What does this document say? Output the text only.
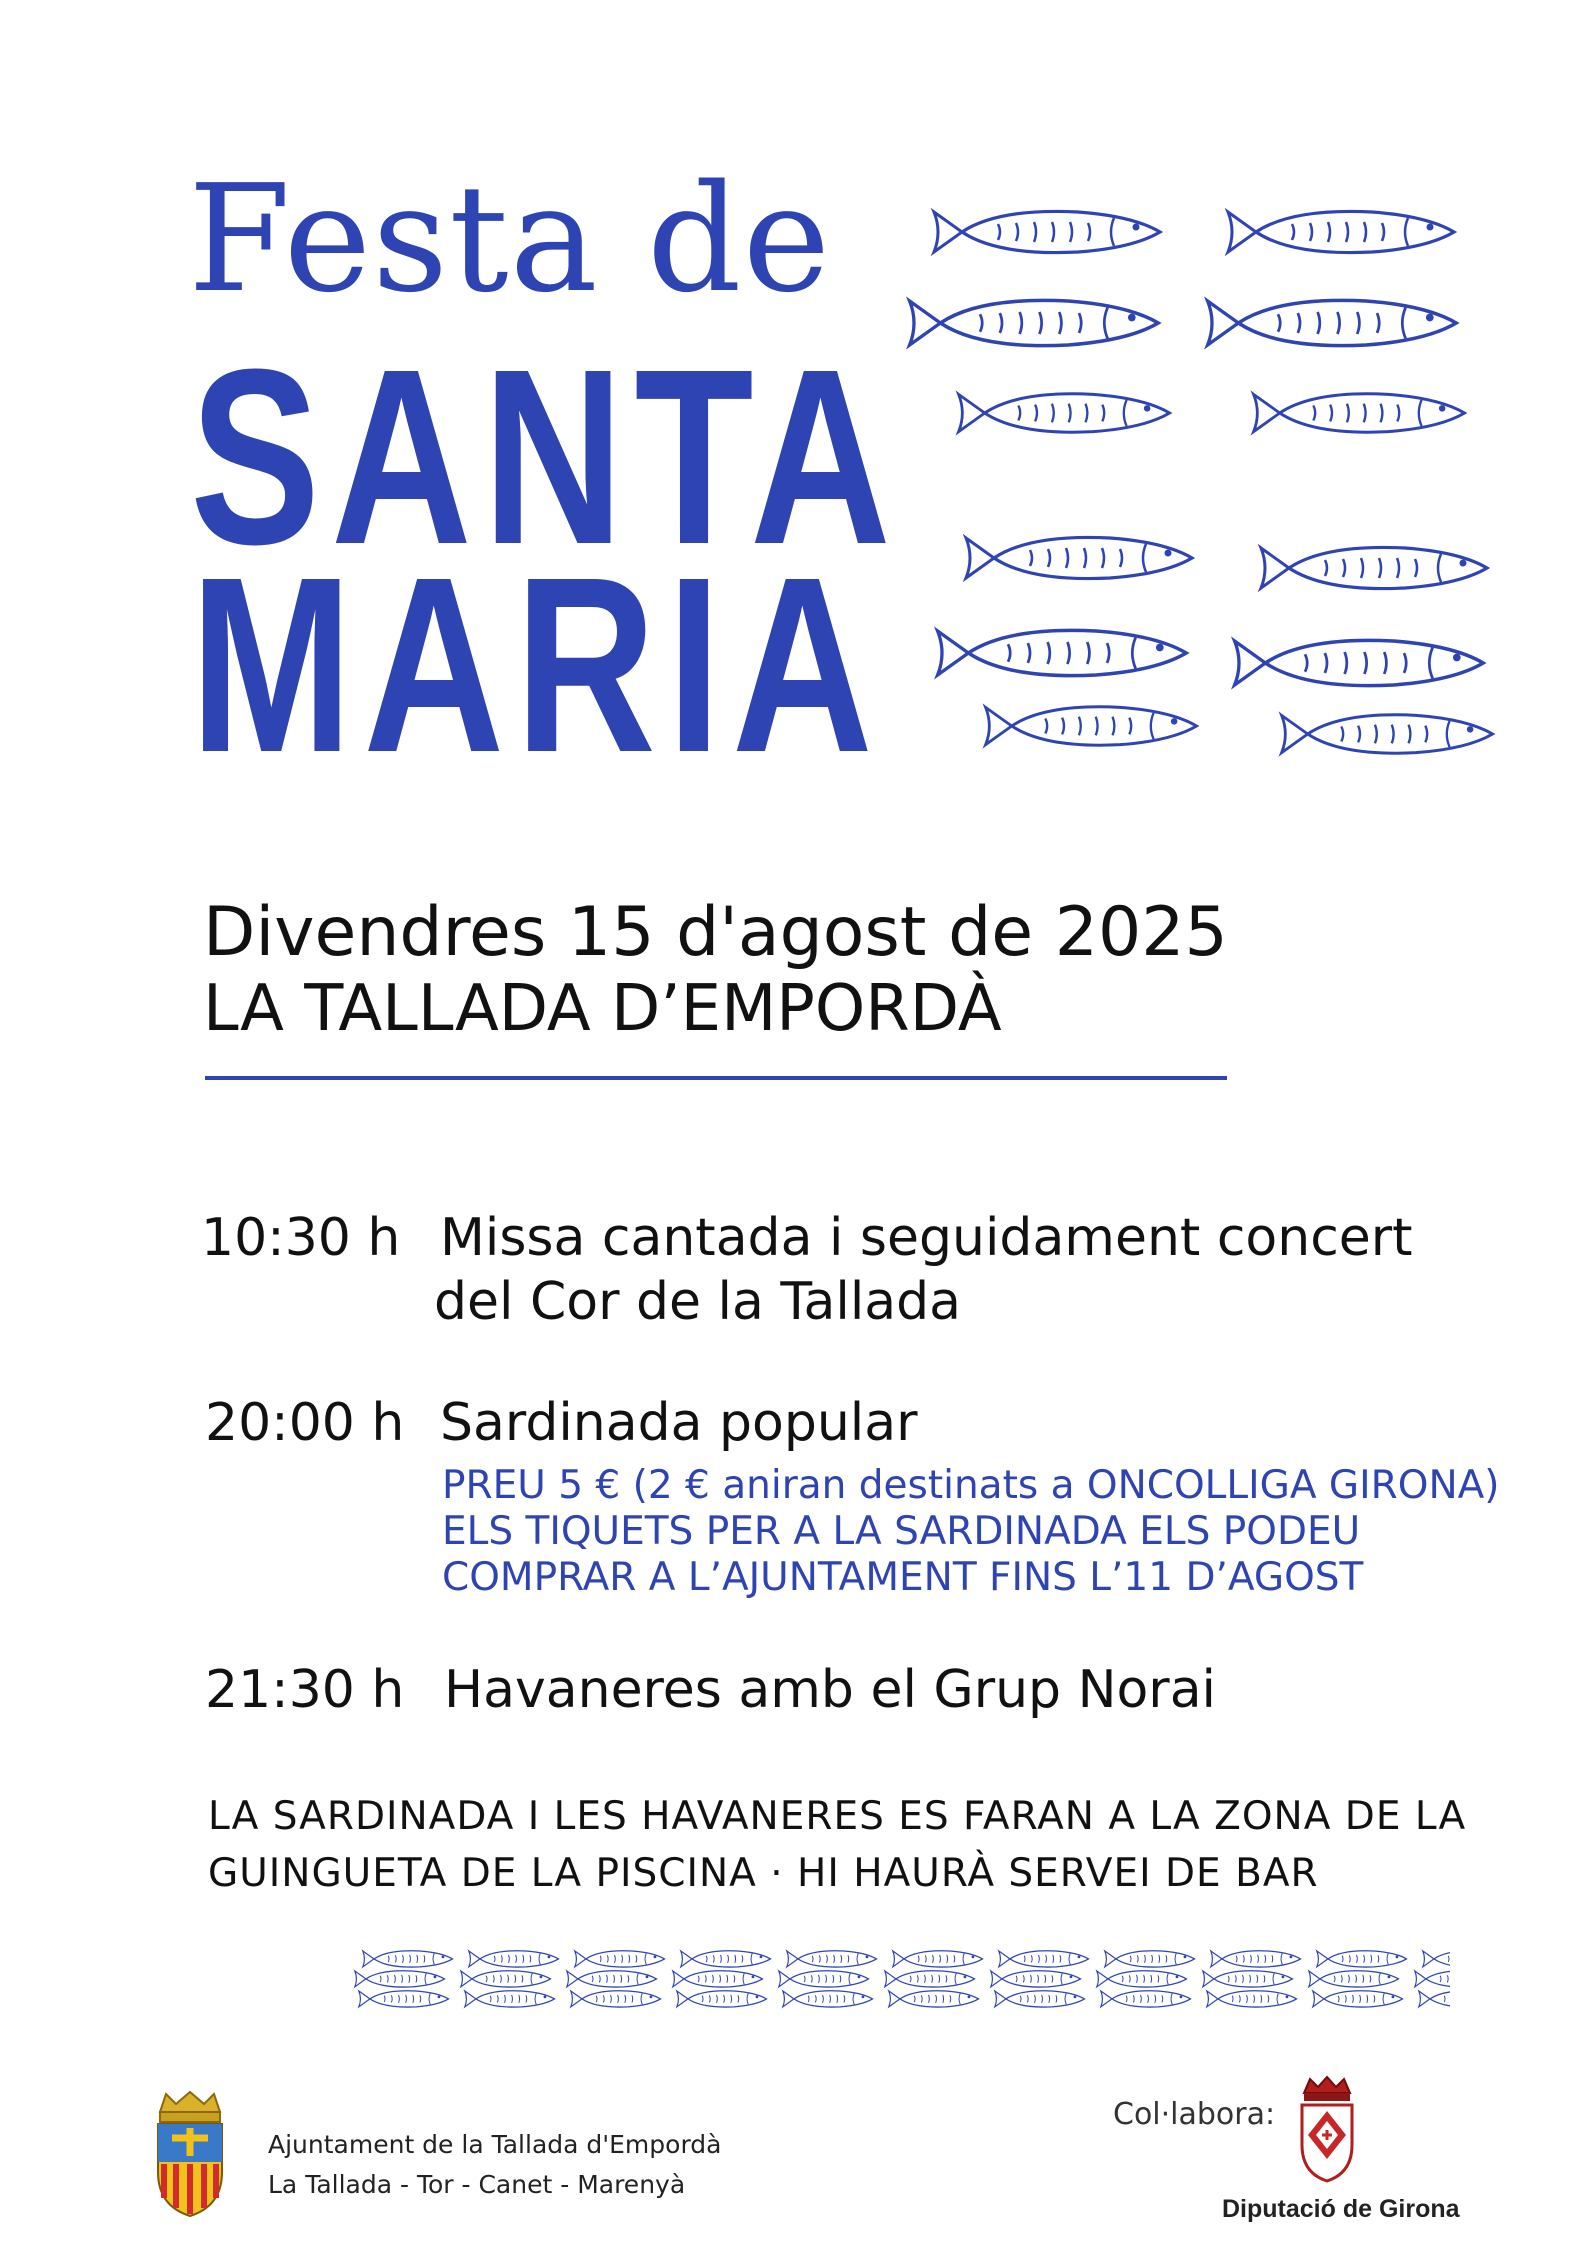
Festa de
SANTA
MARIA
Divendres 15 d'agost de 2025
LA TALLADA D’EMPORDÀ
10:30 h Missa cantada i seguidament concert
del Cor de la Tallada
20:00 h Sardinada popular
PREU 5 € (2 € aniran destinats a ONCOLLIGA GIRONA)
ELS TIQUETS PER A LA SARDINADA ELS PODEU
COMPRAR A L’AJUNTAMENT FINS L’11 D’AGOST
21:30 h Havaneres amb el Grup Norai
LA SARDINADA I LES HAVANERES ES FARAN A LA ZONA DE LA
GUINGUETA DE LA PISCINA · HI HAURÀ SERVEI DE BAR
Ajuntament de la Tallada d'Empordà
La Tallada - Tor - Canet - Marenyà
Col·labora:
Diputació de Girona
